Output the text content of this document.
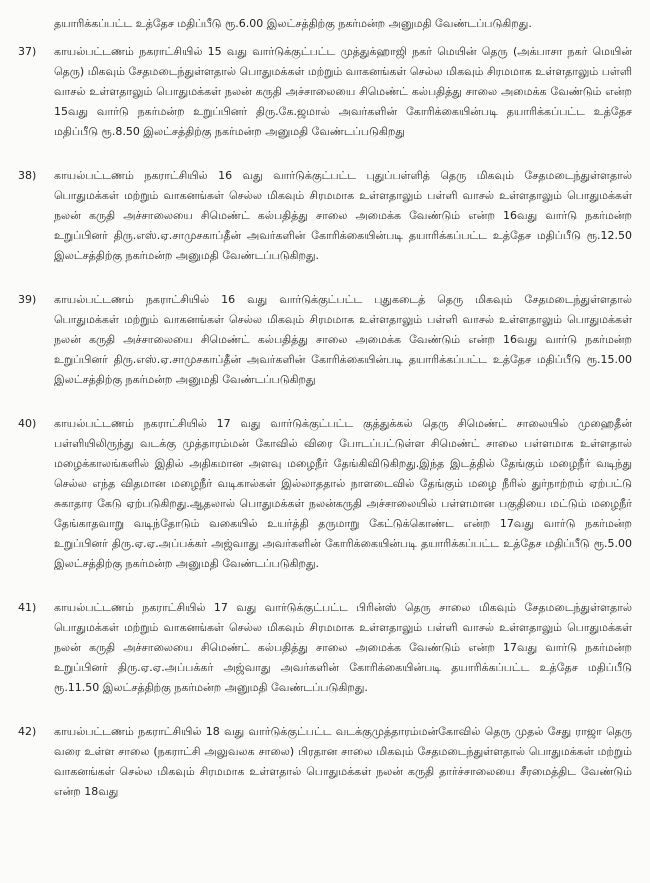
தயாரிக்கப்பட்ட உத்தேச மதிப்பீடு ரூ.6.00 இலட்சத்திற்கு நகர்மன்ற அனுமதி வேண்டப்படுகிறது.
37)	காயல்பட்டணம் நகராட்சியில் 15 வது வார்டுக்குட்பட்ட முத்துக்ஹாஜி நகர் மெயின் தெரு (அக்பாசா நகர் மெயின் தெரு) மிகவும் சேதமடைந்துள்ளதால் பொதுமக்கள் மற்றும் வாகனங்கள் செல்ல மிகவும் சிரமமாக உள்ளதாலும் பள்ளி வாசல் உள்ளதாலும் பொதுமக்கள் நலன் கருதி அச்சாலையை சிமெண்ட் கல்பதித்து சாலை அமைக்க வேண்டும் என்ற 15வது வார்டு நகர்மன்ற உறுப்பினர் திரு.கே.ஜமால் அவர்களின் கோரிக்கையின்படி தயாரிக்கப்பட்ட உத்தேச மதிப்பீடு ரூ.8.50 இலட்சத்திற்கு நகர்மன்ற அனுமதி வேண்டப்படுகிறது
38)	காயல்பட்டணம் நகராட்சியில் 16 வது வார்டுக்குட்பட்ட புதுப்பள்ளித் தெரு மிகவும் சேதமடைந்துள்ளதால் பொதுமக்கள் மற்றும் வாகனங்கள் செல்ல மிகவும் சிரமமாக உள்ளதாலும் பள்ளி வாசல் உள்ளதாலும் பொதுமக்கள் நலன் கருதி அச்சாலையை சிமெண்ட் கல்பதித்து சாலை அமைக்க வேண்டும் என்ற 16வது வார்டு நகர்மன்ற உறுப்பினர் திரு.எஸ்.ஏ.சாமுசகாப்தீன் அவர்களின் கோரிக்கையின்படி தயாரிக்கப்பட்ட உத்தேச மதிப்பீடு ரூ.12.50 இலட்சத்திற்கு நகர்மன்ற அனுமதி வேண்டப்படுகிறது.
39)	காயல்பட்டணம் நகராட்சியில் 16 வது வார்டுக்குட்பட்ட புதுகடைத் தெரு மிகவும் சேதமடைந்துள்ளதால் பொதுமக்கள் மற்றும் வாகனங்கள் செல்ல மிகவும் சிரமமாக உள்ளதாலும் பள்ளி வாசல் உள்ளதாலும் பொதுமக்கள் நலன் கருதி அச்சாலையை சிமெண்ட் கல்பதித்து சாலை அமைக்க வேண்டும் என்ற 16வது வார்டு நகர்மன்ற உறுப்பினர் திரு.எஸ்.ஏ.சாமுசகாப்தீன் அவர்களின் கோரிக்கையின்படி தயாரிக்கப்பட்ட உத்தேச மதிப்பீடு ரூ.15.00 இலட்சத்திற்கு நகர்மன்ற அனுமதி வேண்டப்படுகிறது
40)	காயல்பட்டணம் நகராட்சியில் 17 வது வார்டுக்குட்பட்ட குத்துக்கல் தெரு சிமெண்ட் சாலையில் முஹைதீன் பள்ளியிலிருந்து வடக்கு முத்தாரம்மன் கோவில் விரை போடப்பட்டுள்ள சிமெண்ட் சாலை பள்ளமாக உள்ளதால் மழைக்காலங்களில் இதில் அதிகமான அளவு மழைநீர் தேங்கிவிடுகிறது.இந்த இடத்தில் தேங்கும் மழைநீர் வடிந்து செல்ல எந்த விதமான மழைநீர் வடிகால்கள் இல்லாததால் நாளடைவில் தேங்கும் மழை நீரில் துர்நாற்றம் ஏற்பட்டு சுகாதார கேடு ஏற்படுகிறது.ஆதலால் பொதுமக்கள் நலன்கருதி அச்சாலையில் பள்ளமான பகுதியை மட்டும் மழைநீர் தேங்காதவாறு வடிந்தோடும் வகையில் உயர்த்தி தருமாறு கேட்டுக்கொண்ட என்ற 17வது வார்டு நகர்மன்ற உறுப்பினர் திரு.ஏ.ஏ.அப்பக்கர் அஜ்வாது அவர்களின் கோரிக்கையின்படி தயாரிக்கப்பட்ட உத்தேச மதிப்பீடு ரூ.5.00 இலட்சத்திற்கு நகர்மன்ற அனுமதி வேண்டப்படுகிறது.
41)	காயல்பட்டணம் நகராட்சியில் 17 வது வார்டுக்குட்பட்ட பிரின்ஸ் தெரு சாலை மிகவும் சேதமடைந்துள்ளதால் பொதுமக்கள் மற்றும் வாகனங்கள் செல்ல மிகவும் சிரமமாக உள்ளதாலும் பள்ளி வாசல் உள்ளதாலும் பொதுமக்கள் நலன் கருதி அச்சாலையை சிமெண்ட் கல்பதித்து சாலை அமைக்க வேண்டும் என்ற 17வது வார்டு நகர்மன்ற உறுப்பினர் திரு.ஏ.ஏ.அப்பக்கர் அஜ்வாது அவர்களின் கோரிக்கையின்படி தயாரிக்கப்பட்ட உத்தேச மதிப்பீடு ரூ.11.50 இலட்சத்திற்கு நகர்மன்ற அனுமதி வேண்டப்படுகிறது.
42)	காயல்பட்டணம் நகராட்சியில் 18 வது வார்டுக்குட்பட்ட வடக்குமுத்தாரம்மன்கோவில் தெரு முதல் சேது ராஜா தெரு வரை உள்ள சாலை (நகராட்சி அலுவலக சாலை) பிரதான சாலை மிகவும் சேதமடைந்துள்ளதால் பொதுமக்கள் மற்றும் வாகனங்கள் செல்ல மிகவும் சிரமமாக உள்ளதால் பொதுமக்கள் நலன் கருதி தார்ச்சாலையை சீரமைத்திட வேண்டும் என்ற 18வது
